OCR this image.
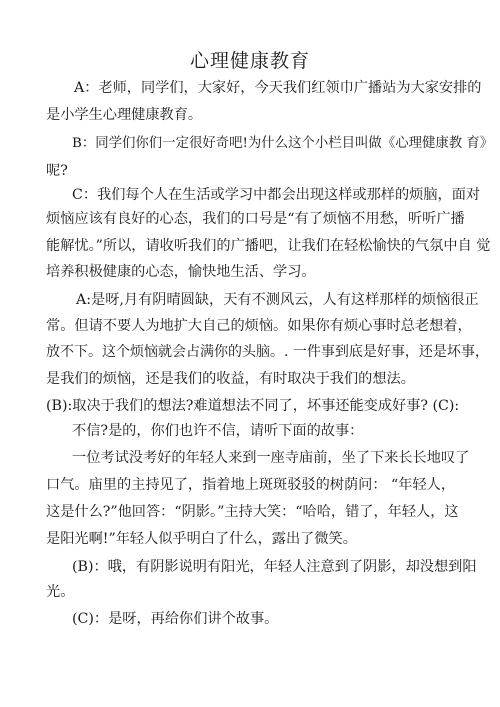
心理健康教育
A：老师，同学们，大家好，今天我们红领巾广播站为大家安排的
是小学生心理健康教育。
B：同学们你们一定很好奇吧!为什么这个小栏目叫做《心理健康教 育》
呢?
C：我们每个人在生活或学习中都会出现这样或那样的烦脑，面对
烦恼应该有良好的心态，我们的口号是“有了烦恼不用愁，听听广播
能解忧。”所以，请收听我们的广播吧，让我们在轻松愉快的气氛中自 觉
培养积极健康的心态，愉快地生活、学习。
A:是呀,月有阴晴圆缺，天有不测风云，人有这样那样的烦恼很正
常。但请不要人为地扩大自己的烦恼。如果你有烦心事时总老想着，
放不下。这个烦恼就会占满你的头脑。. 一件事到底是好事，还是坏事，
是我们的烦恼，还是我们的收益，有时取决于我们的想法。
(B):取决于我们的想法?难道想法不同了，坏事还能变成好事? (C):
不信?是的，你们也许不信，请听下面的故事：
一位考试没考好的年轻人来到一座寺庙前，坐了下来长长地叹了
口气。庙里的主持见了，指着地上斑斑驳驳的树荫问： “年轻人，
这是什么?”他回答：“阴影。”主持大笑：“哈哈，错了，年轻人，这
是阳光啊!”年轻人似乎明白了什么，露出了微笑。
(B)：哦，有阴影说明有阳光，年轻人注意到了阴影，却没想到阳
光。
(C)：是呀，再给你们讲个故事。
